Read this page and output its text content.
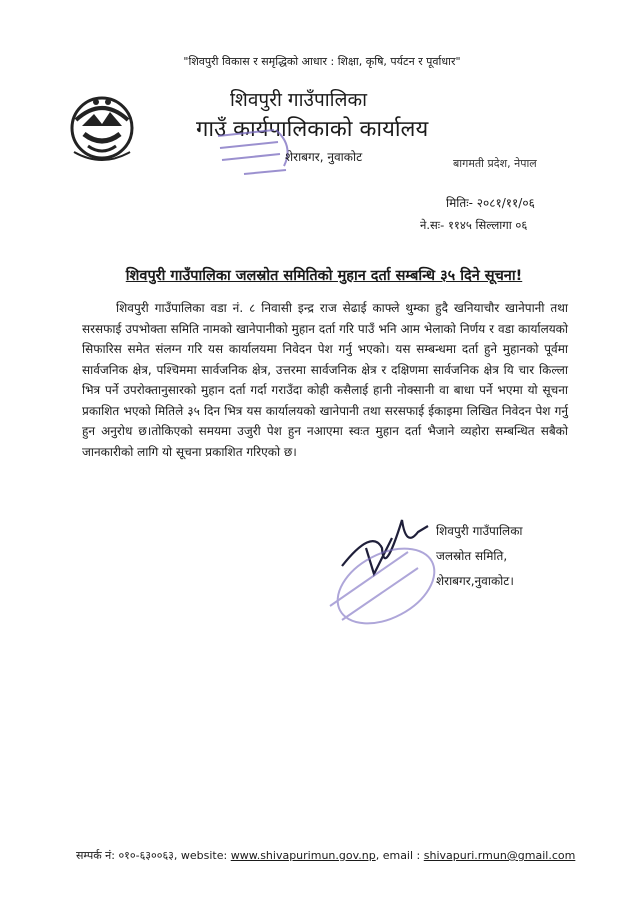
"शिवपुरी विकास र समृद्धिको आधार : शिक्षा, कृषि, पर्यटन र पूर्वाधार"
शिवपुरी गाउँपालिका
गाउँ कार्यपालिकाको कार्यालय
शेराबगर, नुवाकोट	बागमती प्रदेश, नेपाल
मितिः- २०८१/११/०६
ने.सः- ११४५ सिल्लागा ०६
शिवपुरी गाउँपालिका जलस्रोत समितिको मुहान दर्ता सम्बन्धि ३५ दिने सूचना!

शिवपुरी गाउँपालिका वडा नं. ८ निवासी इन्द्र राज सेढाई काफ्ले थुम्का हुदै खनियाचौर खानेपानी तथा सरसफाई उपभोक्ता समिति नामको खानेपानीको मुहान दर्ता गरि पाउँ भनि आम भेलाको निर्णय र वडा कार्यालयको सिफारिस समेत संलग्न गरि यस कार्यालयमा निवेदन पेश गर्नु भएको। यस सम्बन्धमा दर्ता हुने मुहानको पूर्वमा सार्वजनिक क्षेत्र, पश्चिममा सार्वजनिक क्षेत्र, उत्तरमा सार्वजनिक क्षेत्र र दक्षिणमा सार्वजनिक क्षेत्र यि चार किल्ला भित्र पर्ने उपरोक्तानुसारको मुहान दर्ता गर्दा गराउँदा कोही कसैलाई हानी नोक्सानी वा बाधा पर्ने भएमा यो सूचना प्रकाशित भएको मितिले ३५ दिन भित्र यस कार्यालयको खानेपानी तथा सरसफाई ईकाइमा लिखित निवेदन पेश गर्नु हुन अनुरोध छ।तोकिएको समयमा उजुरी पेश हुन नआएमा स्वःत मुहान दर्ता भैजाने व्यहोरा सम्बन्धित सबैको जानकारीको लागि यो सूचना प्रकाशित गरिएको छ।

शिवपुरी गाउँपालिका
जलस्रोत समिति,
शेराबगर,नुवाकोट।
सम्पर्क नं: ०१०-६३००६३, website: www.shivapurimun.gov.np, email : shivapuri.rmun@gmail.com
